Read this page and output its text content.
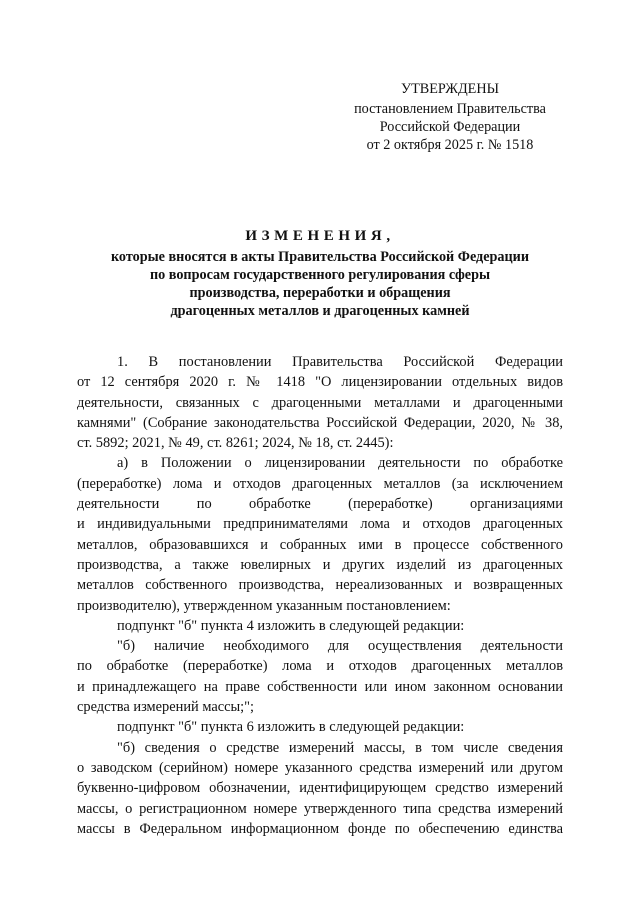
УТВЕРЖДЕНЫ
постановлением Правительства
Российской Федерации
от 2 октября 2025 г. № 1518
ИЗМЕНЕНИЯ,
которые вносятся в акты Правительства Российской Федерации
по вопросам государственного регулирования сферы
производства, переработки и обращения
драгоценных металлов и драгоценных камней
1. В постановлении Правительства Российской Федерации
от 12 сентября 2020 г. № 1418 "О лицензировании отдельных видов
деятельности, связанных с драгоценными металлами и драгоценными
камнями" (Собрание законодательства Российской Федерации, 2020, № 38,
ст. 5892; 2021, № 49, ст. 8261; 2024, № 18, ст. 2445):
а) в Положении о лицензировании деятельности по обработке
(переработке) лома и отходов драгоценных металлов (за исключением
деятельности по обработке (переработке) организациями
и индивидуальными предпринимателями лома и отходов драгоценных
металлов, образовавшихся и собранных ими в процессе собственного
производства, а также ювелирных и других изделий из драгоценных
металлов собственного производства, нереализованных и возвращенных
производителю), утвержденном указанным постановлением:
подпункт "б" пункта 4 изложить в следующей редакции:
"б) наличие необходимого для осуществления деятельности
по обработке (переработке) лома и отходов драгоценных металлов
и принадлежащего на праве собственности или ином законном основании
средства измерений массы;";
подпункт "б" пункта 6 изложить в следующей редакции:
"б) сведения о средстве измерений массы, в том числе сведения
о заводском (серийном) номере указанного средства измерений или другом
буквенно-цифровом обозначении, идентифицирующем средство измерений
массы, о регистрационном номере утвержденного типа средства измерений
массы в Федеральном информационном фонде по обеспечению единства
